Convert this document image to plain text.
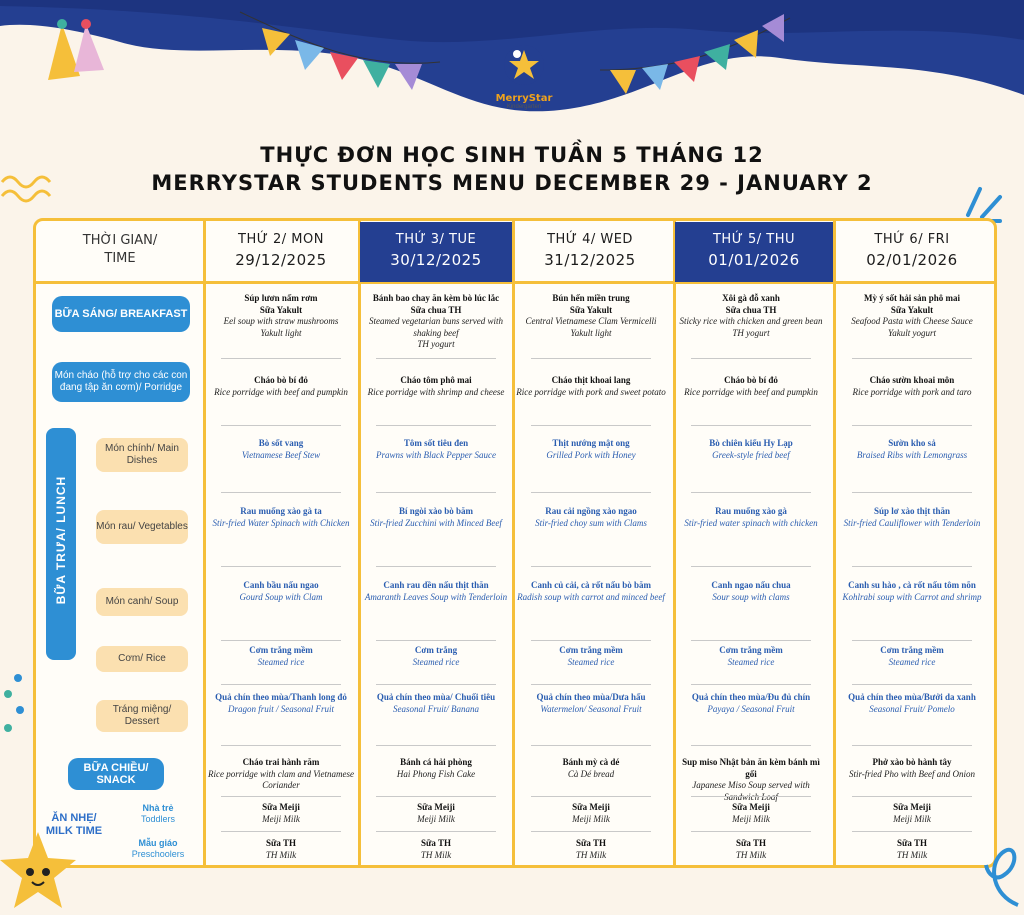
MerryStar
Kindergarten
THỰC ĐƠN HỌC SINH TUẦN 5 THÁNG 12
MERRYSTAR STUDENTS MENU DECEMBER 29 - JANUARY 2
THỜI GIAN/
TIME
THỨ 2/ MON
29/12/2025
THỨ 3/ TUE
30/12/2025
THỨ 4/ WED
31/12/2025
THỨ 5/ THU
01/01/2026
THỨ 6/ FRI
02/01/2026
BỮA SÁNG/ BREAKFAST
Món cháo (hỗ trợ cho các con đang tập ăn cơm)/ Porridge
BỮA TRƯA/ LUNCH
Món chính/ Main Dishes
Món rau/ Vegetables
Món canh/ Soup
Cơm/ Rice
Tráng miệng/ Dessert
BỮA CHIỀU/ SNACK
ĂN NHẸ/ MILK TIME
Nhà trẻ
Toddlers
Mẫu giáo
Preschoolers
Súp lươn nấm rơm
Sữa Yakult
Eel soup with straw mushrooms
Yakult light
Cháo bò bí đỏ
Rice porridge with beef and pumpkin
Bò sốt vang
Vietnamese Beef Stew
Rau muống xào gà ta
Stir-fried Water Spinach with Chicken
Canh bầu nấu ngao
Gourd Soup with Clam
Cơm trắng mềm
Steamed rice
Quả chín theo mùa/Thanh long đỏ
Dragon fruit / Seasonal Fruit
Cháo trai hành răm
Rice porridge with clam and Vietnamese Coriander
Sữa Meiji
Meiji Milk
Sữa TH
TH Milk
Bánh bao chay ăn kèm bò lúc lắc
Sữa chua TH
Steamed vegetarian buns served with shaking beef
TH yogurt
Cháo tôm phô mai
Rice porridge with shrimp and cheese
Tôm sốt tiêu đen
Prawns with Black Pepper Sauce
Bí ngòi xào bò băm
Stir-fried Zucchini with Minced Beef
Canh rau dền nấu thịt thăn
Amaranth Leaves Soup with Tenderloin
Cơm trắng
Steamed rice
Quả chín theo mùa/ Chuối tiêu
Seasonal Fruit/ Banana
Bánh cá hải phòng
Hai Phong Fish Cake
Sữa Meiji
Meiji Milk
Sữa TH
TH Milk
Bún hến miền trung
Sữa Yakult
Central Vietnamese Clam Vermicelli
Yakult light
Cháo thịt khoai lang
Rice porridge with pork and sweet potato
Thịt nướng mật ong
Grilled Pork with Honey
Rau cải ngồng xào ngao
Stir-fried choy sum with Clams
Canh củ cải, cà rốt nấu bò băm
Radish soup with carrot and minced beef
Cơm trắng mềm
Steamed rice
Quả chín theo mùa/Dưa hấu
Watermelon/ Seasonal Fruit
Bánh mỳ cà dé
Cà Dé bread
Sữa Meiji
Meiji Milk
Sữa TH
TH Milk
Xôi gà đỗ xanh
Sữa chua TH
Sticky rice with chicken and green bean
TH yogurt
Cháo bò bí đỏ
Rice porridge with beef and pumpkin
Bò chiên kiểu Hy Lạp
Greek-style fried beef
Rau muống xào gà
Stir-fried water spinach with chicken
Canh ngao nấu chua
Sour soup with clams
Cơm trắng mềm
Steamed rice
Quả chín theo mùa/Đu đủ chín
Payaya / Seasonal Fruit
Sup miso Nhật bản ăn kèm bánh mì gối
Japanese Miso Soup served with
Sữa Meiji
Meiji Milk
Sữa TH
TH Milk
Mỳ ý sốt hải sản phô mai
Sữa Yakult
Seafood Pasta with Cheese Sauce
Yakult yogurt
Cháo sườn khoai môn
Rice porridge with pork and taro
Sườn kho sả
Braised Ribs with Lemongrass
Súp lơ xào thịt thăn
Stir-fried Cauliflower with Tenderloin
Canh su hào , cà rốt nấu tôm nõn
Kohlrabi soup with Carrot and shrimp
Cơm trắng mềm
Steamed rice
Quả chín theo mùa/Bưởi da xanh
Seasonal Fruit/ Pomelo
Phở xào bò hành tây
Stir-fried Pho with Beef and Onion
Sữa Meiji
Meiji Milk
Sữa TH
TH Milk
